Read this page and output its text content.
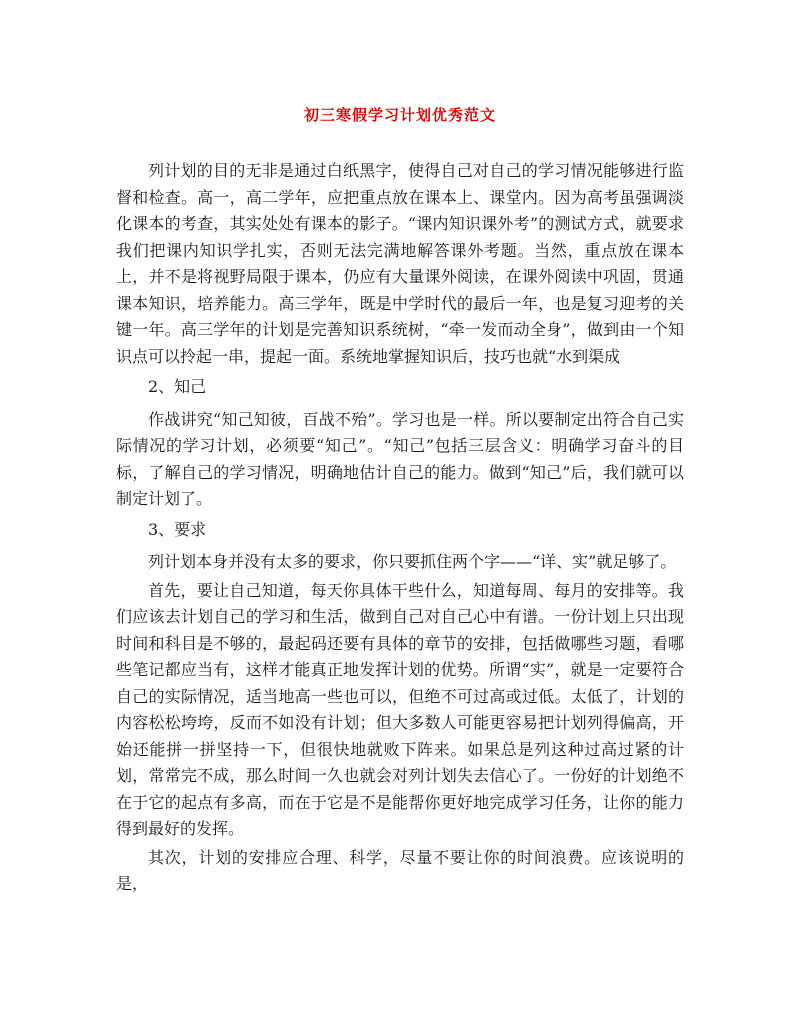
初三寒假学习计划优秀范文

列计划的目的无非是通过白纸黑字，使得自己对自己的学习情况能够进行监督和检查。高一，高二学年，应把重点放在课本上、课堂内。因为高考虽强调淡化课本的考查，其实处处有课本的影子。“课内知识课外考”的测试方式，就要求我们把课内知识学扎实，否则无法完满地解答课外考题。当然，重点放在课本上，并不是将视野局限于课本，仍应有大量课外阅读，在课外阅读中巩固，贯通课本知识，培养能力。高三学年，既是中学时代的最后一年，也是复习迎考的关键一年。高三学年的计划是完善知识系统树，“牵一发而动全身”，做到由一个知识点可以拎起一串，提起一面。系统地掌握知识后，技巧也就“水到渠成

2、知己

作战讲究“知己知彼，百战不殆”。学习也是一样。所以要制定出符合自己实际情况的学习计划，必须要“知己”。“知己”包括三层含义：明确学习奋斗的目标，了解自己的学习情况，明确地估计自己的能力。做到“知己”后，我们就可以制定计划了。

3、要求

列计划本身并没有太多的要求，你只要抓住两个字——“详、实”就足够了。

首先，要让自己知道，每天你具体干些什么，知道每周、每月的安排等。我们应该去计划自己的学习和生活，做到自己对自己心中有谱。一份计划上只出现时间和科目是不够的，最起码还要有具体的章节的安排，包括做哪些习题，看哪些笔记都应当有，这样才能真正地发挥计划的优势。所谓“实”，就是一定要符合自己的实际情况，适当地高一些也可以，但绝不可过高或过低。太低了，计划的内容松松垮垮，反而不如没有计划；但大多数人可能更容易把计划列得偏高，开始还能拼一拼坚持一下，但很快地就败下阵来。如果总是列这种过高过紧的计划，常常完不成，那么时间一久也就会对列计划失去信心了。一份好的计划绝不在于它的起点有多高，而在于它是不是能帮你更好地完成学习任务，让你的能力得到最好的发挥。

其次，计划的安排应合理、科学，尽量不要让你的时间浪费。应该说明的是，
